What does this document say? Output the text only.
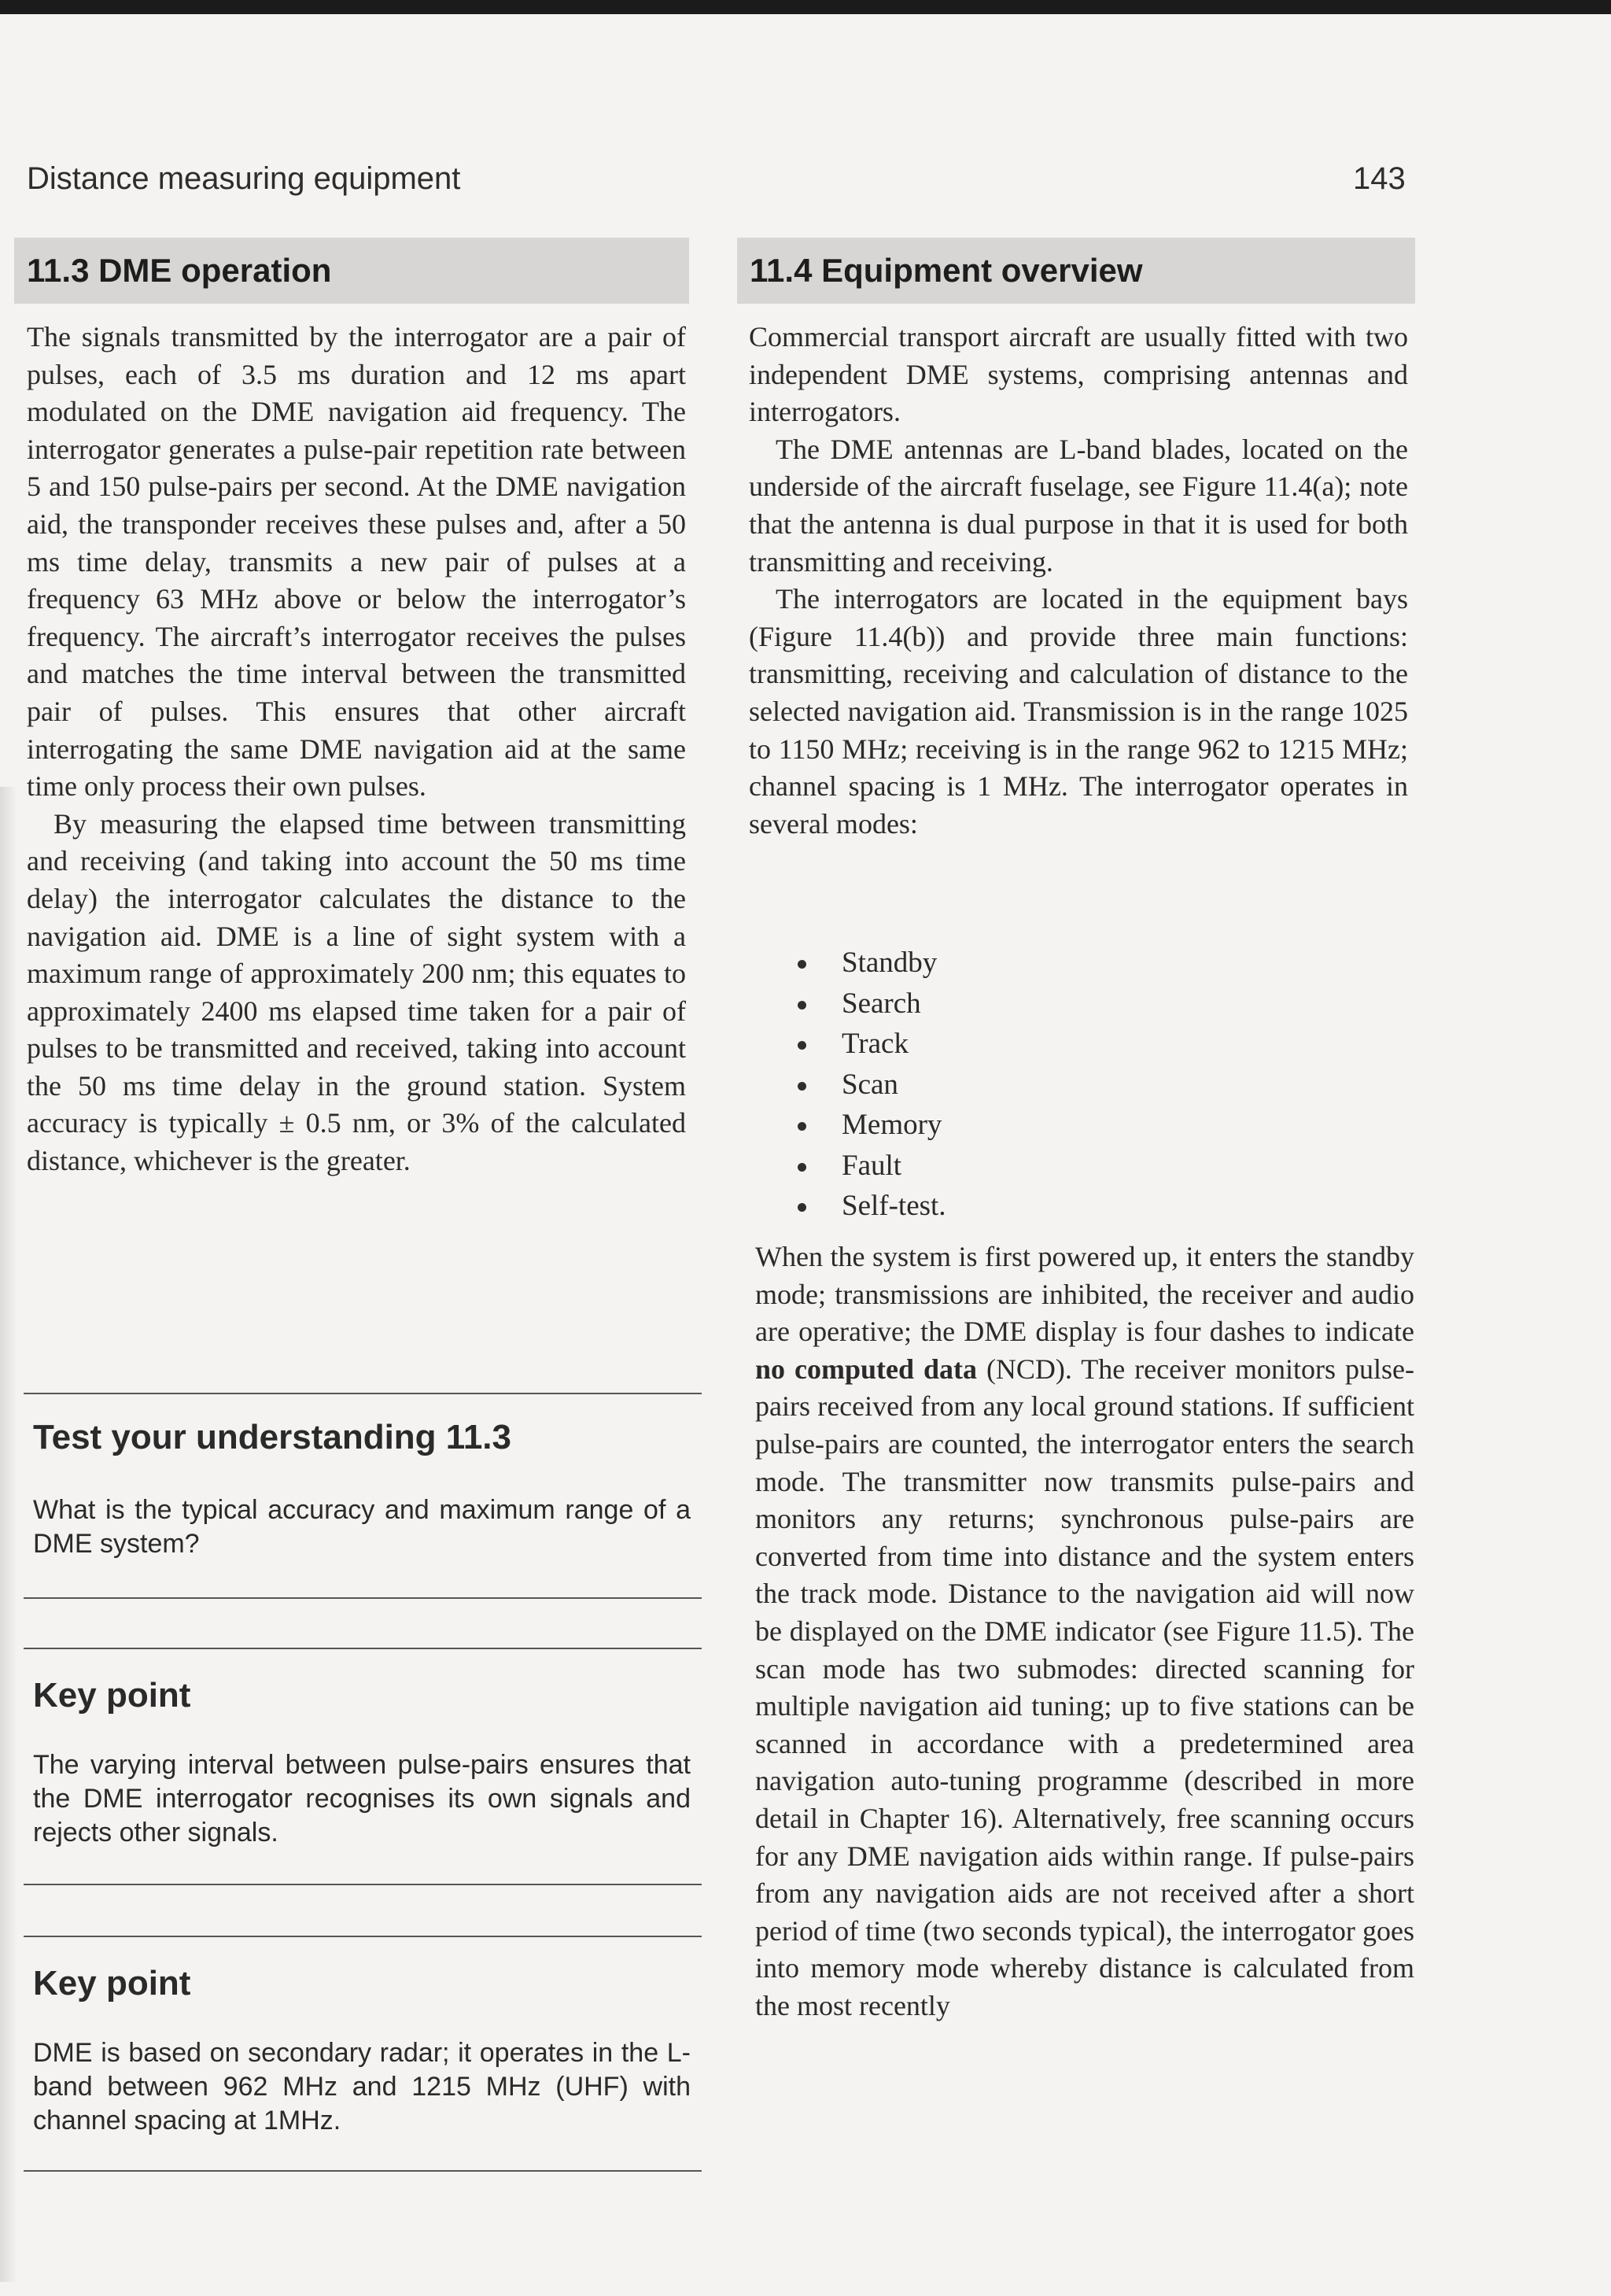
Distance measuring equipment	143
11.3 DME operation

The signals transmitted by the interrogator are a pair of pulses, each of 3.5 ms duration and 12 ms apart modulated on the DME navigation aid frequency. The interrogator generates a pulse-pair repetition rate between 5 and 150 pulse-pairs per second. At the DME navigation aid, the transponder receives these pulses and, after a 50 ms time delay, transmits a new pair of pulses at a frequency 63 MHz above or below the interrogator’s frequency. The aircraft’s interrogator receives the pulses and matches the time interval between the transmitted pair of pulses. This ensures that other aircraft interrogating the same DME navigation aid at the same time only process their own pulses.

By measuring the elapsed time between transmitting and receiving (and taking into account the 50 ms time delay) the interrogator calculates the distance to the navigation aid. DME is a line of sight system with a maximum range of approximately 200 nm; this equates to approximately 2400 ms elapsed time taken for a pair of pulses to be transmitted and received, taking into account the 50 ms time delay in the ground station. System accuracy is typically ± 0.5 nm, or 3% of the calculated distance, whichever is the greater.

Test your understanding 11.3
What is the typical accuracy and maximum range of a DME system?
Key point
The varying interval between pulse-pairs ensures that the DME interrogator recognises its own signals and rejects other signals.
Key point
DME is based on secondary radar; it operates in the L-band between 962 MHz and 1215 MHz (UHF) with channel spacing at 1MHz.
11.4 Equipment overview

Commercial transport aircraft are usually fitted with two independent DME systems, comprising antennas and interrogators.

The DME antennas are L-band blades, located on the underside of the aircraft fuselage, see Figure 11.4(a); note that the antenna is dual purpose in that it is used for both transmitting and receiving.

The interrogators are located in the equipment bays (Figure 11.4(b)) and provide three main functions: transmitting, receiving and calculation of distance to the selected navigation aid. Transmission is in the range 1025 to 1150 MHz; receiving is in the range 962 to 1215 MHz; channel spacing is 1 MHz. The interrogator operates in several modes:

Standby
Search
Track
Scan
Memory
Fault
Self-test.

When the system is first powered up, it enters the standby mode; transmissions are inhibited, the receiver and audio are operative; the DME display is four dashes to indicate no computed data (NCD). The receiver monitors pulse-pairs received from any local ground stations. If sufficient pulse-pairs are counted, the interrogator enters the search mode. The transmitter now transmits pulse-pairs and monitors any returns; synchronous pulse-pairs are converted from time into distance and the system enters the track mode. Distance to the navigation aid will now be displayed on the DME indicator (see Figure 11.5). The scan mode has two submodes: directed scanning for multiple navigation aid tuning; up to five stations can be scanned in accordance with a predetermined area navigation auto-tuning programme (described in more detail in Chapter 16). Alternatively, free scanning occurs for any DME navigation aids within range. If pulse-pairs from any navigation aids are not received after a short period of time (two seconds typical), the interrogator goes into memory mode whereby distance is calculated from the most recently
